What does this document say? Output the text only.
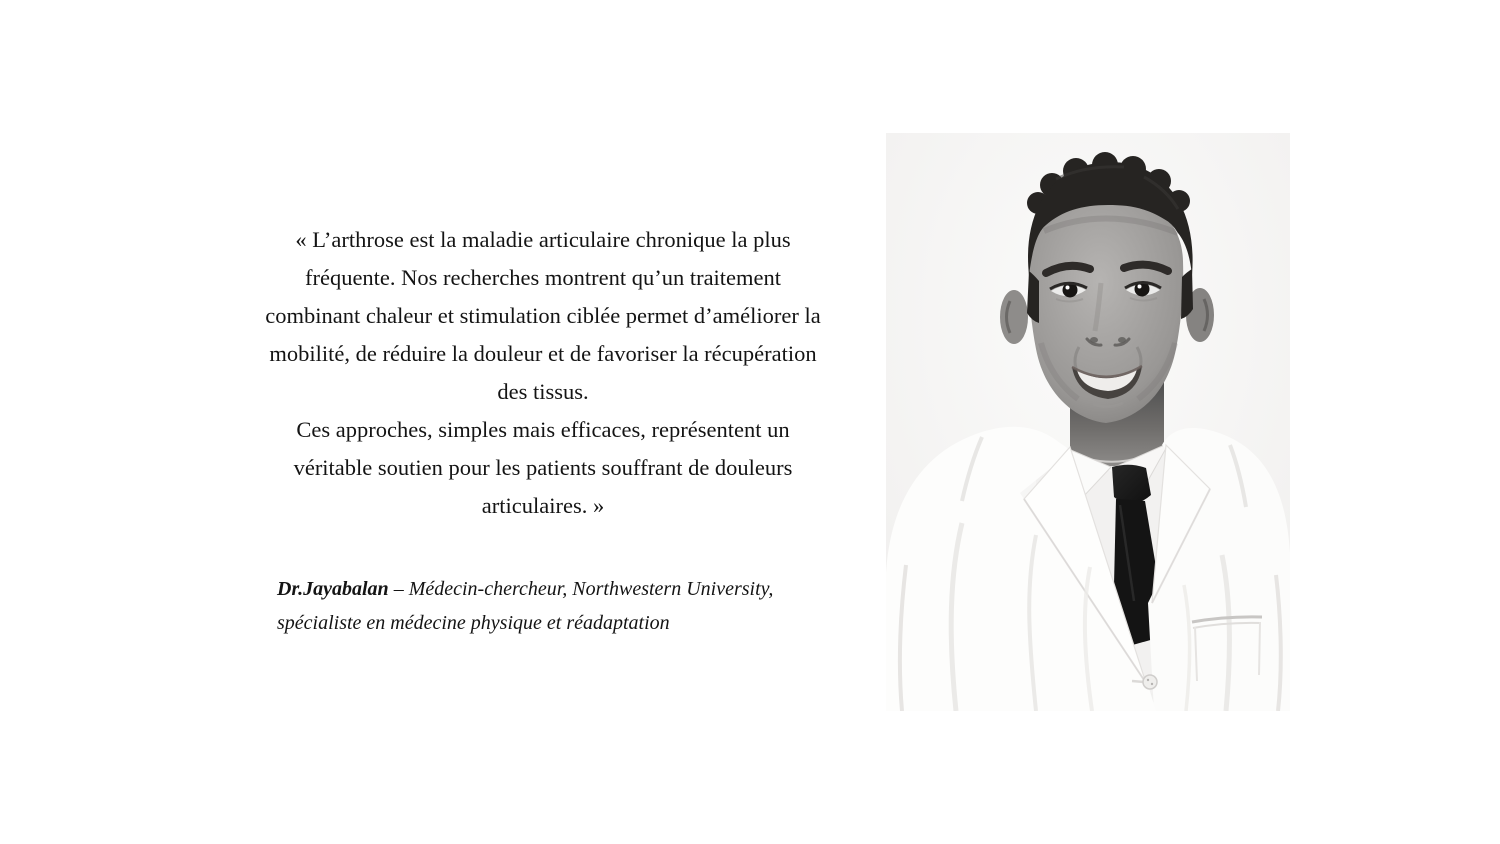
« L’arthrose est la maladie articulaire chronique la plus
fréquente. Nos recherches montrent qu’un traitement
combinant chaleur et stimulation ciblée permet d’améliorer la
mobilité, de réduire la douleur et de favoriser la récupération
des tissus.
Ces approches, simples mais efficaces, représentent un
véritable soutien pour les patients souffrant de douleurs
articulaires. »
Dr.Jayabalan – Médecin-chercheur, Northwestern University,
spécialiste en médecine physique et réadaptation
